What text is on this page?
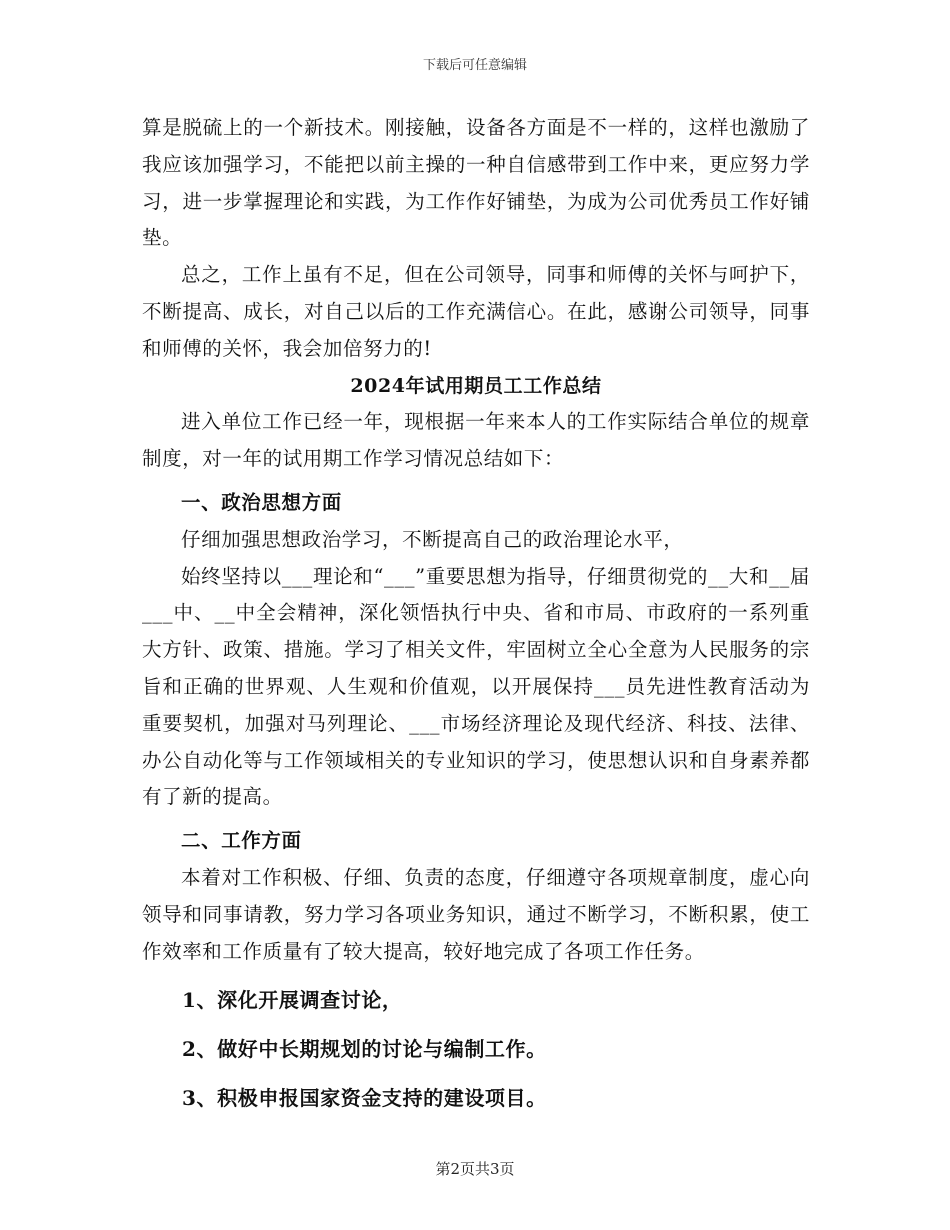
下载后可任意编辑

算是脱硫上的一个新技术。刚接触，设备各方面是不一样的，这样也激励了我应该加强学习，不能把以前主操的一种自信感带到工作中来，更应努力学习，进一步掌握理论和实践，为工作作好铺垫，为成为公司优秀员工作好铺垫。

总之，工作上虽有不足，但在公司领导，同事和师傅的关怀与呵护下，不断提高、成长，对自己以后的工作充满信心。在此，感谢公司领导，同事和师傅的关怀，我会加倍努力的!

2024年试用期员工工作总结

进入单位工作已经一年，现根据一年来本人的工作实际结合单位的规章制度，对一年的试用期工作学习情况总结如下：

一、政治思想方面

仔细加强思想政治学习，不断提高自己的政治理论水平，

始终坚持以___理论和“___”重要思想为指导，仔细贯彻党的__大和__届___中、__中全会精神，深化领悟执行中央、省和市局、市政府的一系列重大方针、政策、措施。学习了相关文件，牢固树立全心全意为人民服务的宗旨和正确的世界观、人生观和价值观，以开展保持___员先进性教育活动为重要契机，加强对马列理论、___市场经济理论及现代经济、科技、法律、办公自动化等与工作领域相关的专业知识的学习，使思想认识和自身素养都有了新的提高。

二、工作方面

本着对工作积极、仔细、负责的态度，仔细遵守各项规章制度，虚心向领导和同事请教，努力学习各项业务知识，通过不断学习，不断积累，使工作效率和工作质量有了较大提高，较好地完成了各项工作任务。

1、深化开展调查讨论，

2、做好中长期规划的讨论与编制工作。

3、积极申报国家资金支持的建设项目。

第2页共3页
